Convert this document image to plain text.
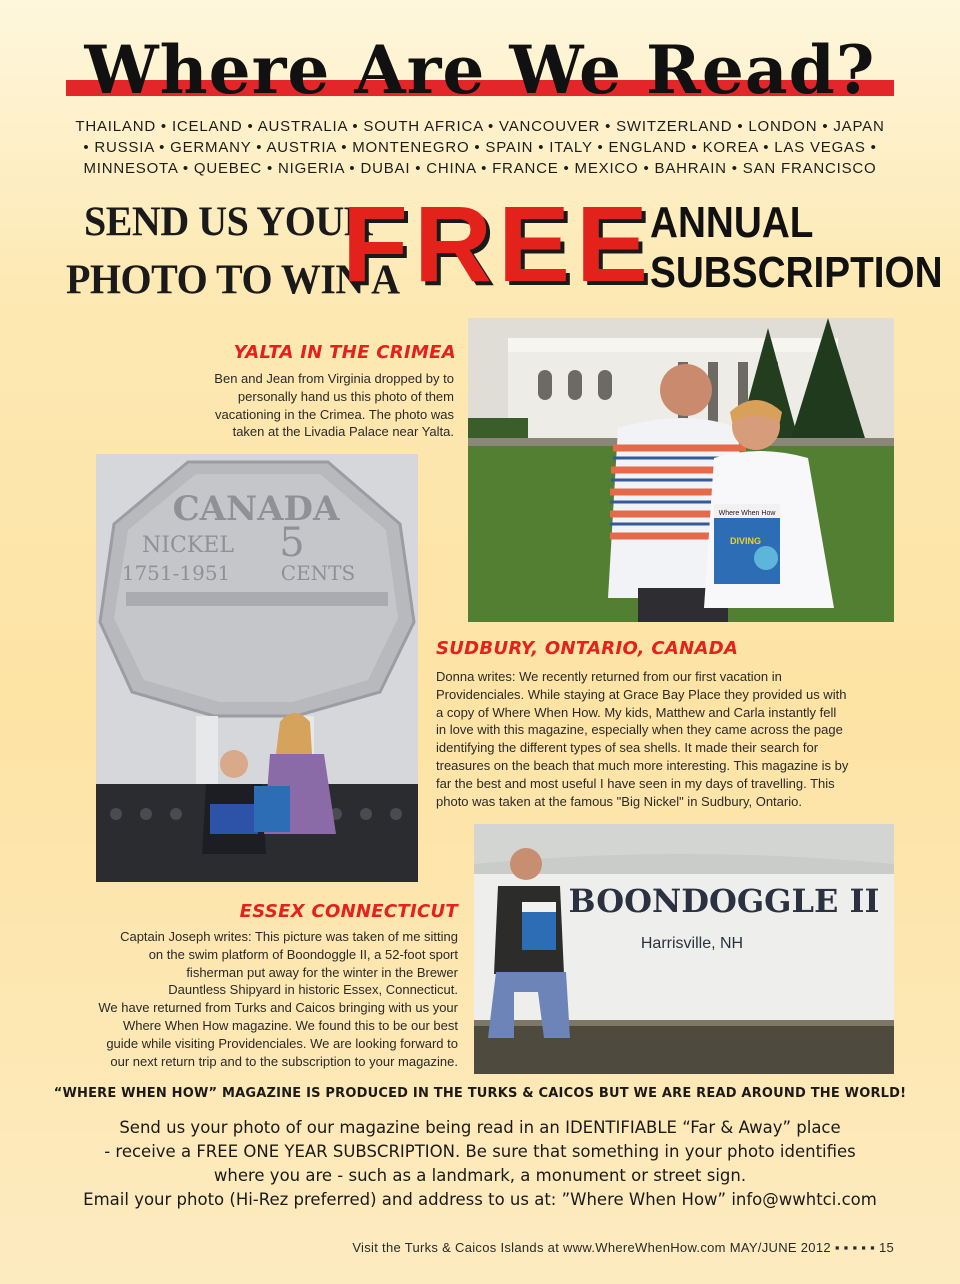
Where Are We Read?
THAILAND • ICELAND • AUSTRALIA • SOUTH AFRICA • VANCOUVER • SWITZERLAND • LONDON • JAPAN
• RUSSIA • GERMANY • AUSTRIA • MONTENEGRO • SPAIN • ITALY • ENGLAND • KOREA • LAS VEGAS •
MINNESOTA • QUEBEC • NIGERIA • DUBAI • CHINA • FRANCE • MEXICO • BAHRAIN • SAN FRANCISCO
SEND US YOUR
PHOTO TO WIN A
FREE
ANNUAL
SUBSCRIPTION
Where When How
DIVING
YALTA IN THE CRIMEA
Ben and Jean from Virginia dropped by to
personally hand us this photo of them
vacationing in the Crimea. The photo was
taken at the Livadia Palace near Yalta.
CANADA
NICKEL 5
1751-1951	CENTS
SUDBURY, ONTARIO, CANADA
Donna writes: We recently returned from our first vacation in
Providenciales. While staying at Grace Bay Place they provided us with
a copy of Where When How. My kids, Matthew and Carla instantly fell
in love with this magazine, especially when they came across the page
identifying the different types of sea shells. It made their search for
treasures on the beach that much more interesting. This magazine is by
far the best and most useful I have seen in my days of travelling. This
photo was taken at the famous "Big Nickel" in Sudbury, Ontario.
BOONDOGGLE II
Harrisville, NH
ESSEX CONNECTICUT
Captain Joseph writes: This picture was taken of me sitting
on the swim platform of Boondoggle II, a 52-foot sport
fisherman put away for the winter in the Brewer
Dauntless Shipyard in historic Essex, Connecticut.
We have returned from Turks and Caicos bringing with us your
Where When How magazine. We found this to be our best
guide while visiting Providenciales. We are looking forward to
our next return trip and to the subscription to your magazine.
“WHERE WHEN HOW” MAGAZINE IS PRODUCED IN THE TURKS & CAICOS BUT WE ARE READ AROUND THE WORLD!
Send us your photo of our magazine being read in an IDENTIFIABLE “Far & Away” place
- receive a FREE ONE YEAR SUBSCRIPTION. Be sure that something in your photo identifies
where you are - such as a landmark, a monument or street sign.
Email your photo (Hi-Rez preferred) and address to us at: ”Where When How” info@wwhtci.com
Visit the Turks & Caicos Islands at www.WhereWhenHow.com MAY/JUNE 2012 ▪ ▪ ▪ ▪ ▪ 15
